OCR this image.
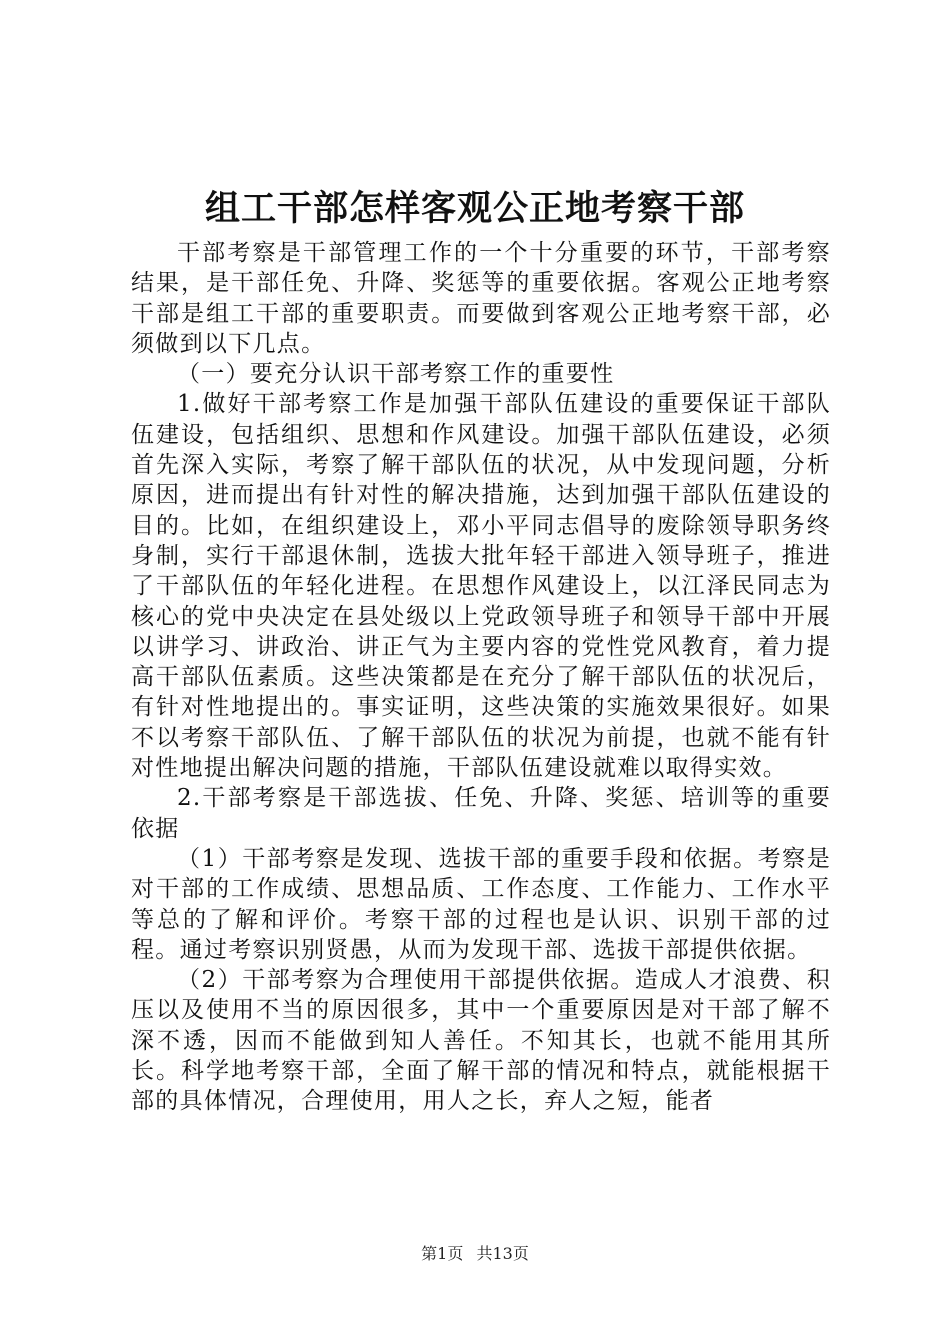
组工干部怎样客观公正地考察干部

干部考察是干部管理工作的一个十分重要的环节，干部考察结果，是干部任免、升降、奖惩等的重要依据。客观公正地考察干部是组工干部的重要职责。而要做到客观公正地考察干部，必须做到以下几点。

（一）要充分认识干部考察工作的重要性

1.做好干部考察工作是加强干部队伍建设的重要保证干部队伍建设，包括组织、思想和作风建设。加强干部队伍建设，必须首先深入实际，考察了解干部队伍的状况，从中发现问题，分析原因，进而提出有针对性的解决措施，达到加强干部队伍建设的目的。比如，在组织建设上，邓小平同志倡导的废除领导职务终身制，实行干部退休制，选拔大批年轻干部进入领导班子，推进了干部队伍的年轻化进程。在思想作风建设上，以江泽民同志为核心的党中央决定在县处级以上党政领导班子和领导干部中开展以讲学习、讲政治、讲正气为主要内容的党性党风教育，着力提高干部队伍素质。这些决策都是在充分了解干部队伍的状况后，有针对性地提出的。事实证明，这些决策的实施效果很好。如果不以考察干部队伍、了解干部队伍的状况为前提，也就不能有针对性地提出解决问题的措施，干部队伍建设就难以取得实效。

2.干部考察是干部选拔、任免、升降、奖惩、培训等的重要依据

（1）干部考察是发现、选拔干部的重要手段和依据。考察是对干部的工作成绩、思想品质、工作态度、工作能力、工作水平等总的了解和评价。考察干部的过程也是认识、识别干部的过程。通过考察识别贤愚，从而为发现干部、选拔干部提供依据。

（2）干部考察为合理使用干部提供依据。造成人才浪费、积压以及使用不当的原因很多，其中一个重要原因是对干部了解不深不透，因而不能做到知人善任。不知其长，也就不能用其所长。科学地考察干部，全面了解干部的情况和特点，就能根据干部的具体情况，合理使用，用人之长，弃人之短，能者

第1页 共13页
